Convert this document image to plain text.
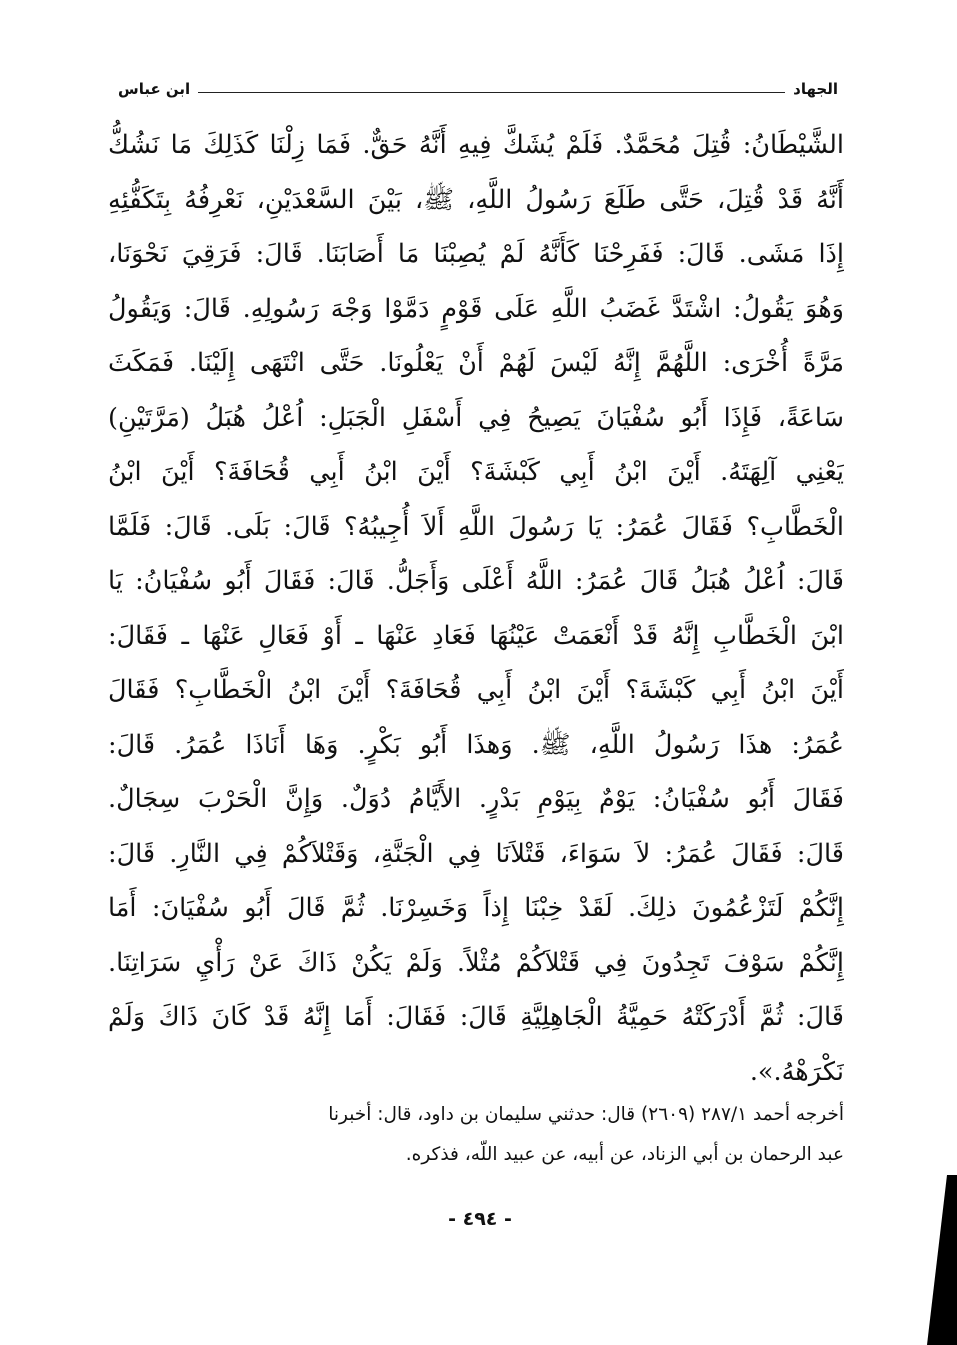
الجهاد
ابن عباس
الشَّيْطَانُ: قُتِلَ مُحَمَّدٌ. فَلَمْ يُشَكَّ فِيهِ أَنَّهُ حَقٌّ. فَمَا زِلْنَا كَذَلِكَ مَا نَشُكُّ
أَنَّهُ قَدْ قُتِلَ، حَتَّى طَلَعَ رَسُولُ اللَّهِ، ﷺ، بَيْنَ السَّعْدَيْنِ، نَعْرِفُهُ بِتَكَفُّئِهِ
إِذَا مَشَى. قَالَ: فَفَرِحْنَا كَأَنَّهُ لَمْ يُصِبْنَا مَا أَصَابَنَا. قَالَ: فَرَقِيَ نَحْوَنَا،
وَهُوَ يَقُولُ: اشْتَدَّ غَضَبُ اللَّهِ عَلَى قَوْمٍ دَمَّوْا وَجْهَ رَسُولِهِ. قَالَ: وَيَقُولُ
مَرَّةً أُخْرَى: اللَّهُمَّ إِنَّهُ لَيْسَ لَهُمْ أَنْ يَعْلُونَا. حَتَّى انْتَهَى إِلَيْنَا. فَمَكَثَ
سَاعَةً، فَإِذَا أَبُو سُفْيَانَ يَصِيحُ فِي أَسْفَلِ الْجَبَلِ: اُعْلُ هُبَلُ (مَرَّتَيْنِ)
يَعْنِي آلِهَتَهُ. أَيْنَ ابْنُ أَبِي كَبْشَةَ؟ أَيْنَ ابْنُ أَبِي قُحَافَةَ؟ أَيْنَ ابْنُ
الْخَطَّابِ؟ فَقَالَ عُمَرُ: يَا رَسُولَ اللَّهِ أَلاَ أُجِيبُهُ؟ قَالَ: بَلَى. قَالَ: فَلَمَّا
قَالَ: اُعْلُ هُبَلُ قَالَ عُمَرُ: اللَّهُ أَعْلَى وَأَجَلُّ. قَالَ: فَقَالَ أَبُو سُفْيَانُ: يَا
ابْنَ الْخَطَّابِ إِنَّهُ قَدْ أَنْعَمَتْ عَيْنُهَا فَعَادِ عَنْهَا ـ أَوْ فَعَالِ عَنْهَا ـ فَقَالَ:
أَيْنَ ابْنُ أَبِي كَبْشَةَ؟ أَيْنَ ابْنُ أَبِي قُحَافَةَ؟ أَيْنَ ابْنُ الْخَطَّابِ؟ فَقَالَ
عُمَرُ: هذَا رَسُولُ اللَّهِ، ﷺ. وَهذَا أَبُو بَكْرٍ. وَهَا أَنَاذَا عُمَرُ. قَالَ:
فَقَالَ أَبُو سُفْيَانُ: يَوْمٌ بِيَوْمِ بَدْرٍ. الأَيَّامُ دُوَلٌ. وَإِنَّ الْحَرْبَ سِجَالٌ.
قَالَ: فَقَالَ عُمَرُ: لاَ سَوَاءَ، قَتْلاَنَا فِي الْجَنَّةِ، وَقَتْلاَكُمْ فِي النَّارِ. قَالَ:
إِنَّكُمْ لَتَزْعُمُونَ ذلِكَ. لَقَدْ خِبْنَا إِذاً وَخَسِرْنَا. ثُمَّ قَالَ أَبُو سُفْيَانَ: أَمَا
إِنَّكُمْ سَوْفَ تَجِدُونَ فِي قَتْلاَكُمْ مُثْلاً. وَلَمْ يَكُنْ ذَاكَ عَنْ رَأْيِ سَرَاتِنَا.
قَالَ: ثُمَّ أَدْرَكَتْهُ حَمِيَّةُ الْجَاهِلِيَّةِ قَالَ: فَقَالَ: أَمَا إِنَّهُ قَدْ كَانَ ذَاكَ وَلَمْ
نَكْرَهْهُ.».
أخرجه أحمد ٢٨٧/١ (٢٦٠٩) قال: حدثني سليمان بن داود، قال: أخبرنا
عبد الرحمان بن أبي الزناد، عن أبيه، عن عبيد اللّه، فذكره.
- ٤٩٤ -
